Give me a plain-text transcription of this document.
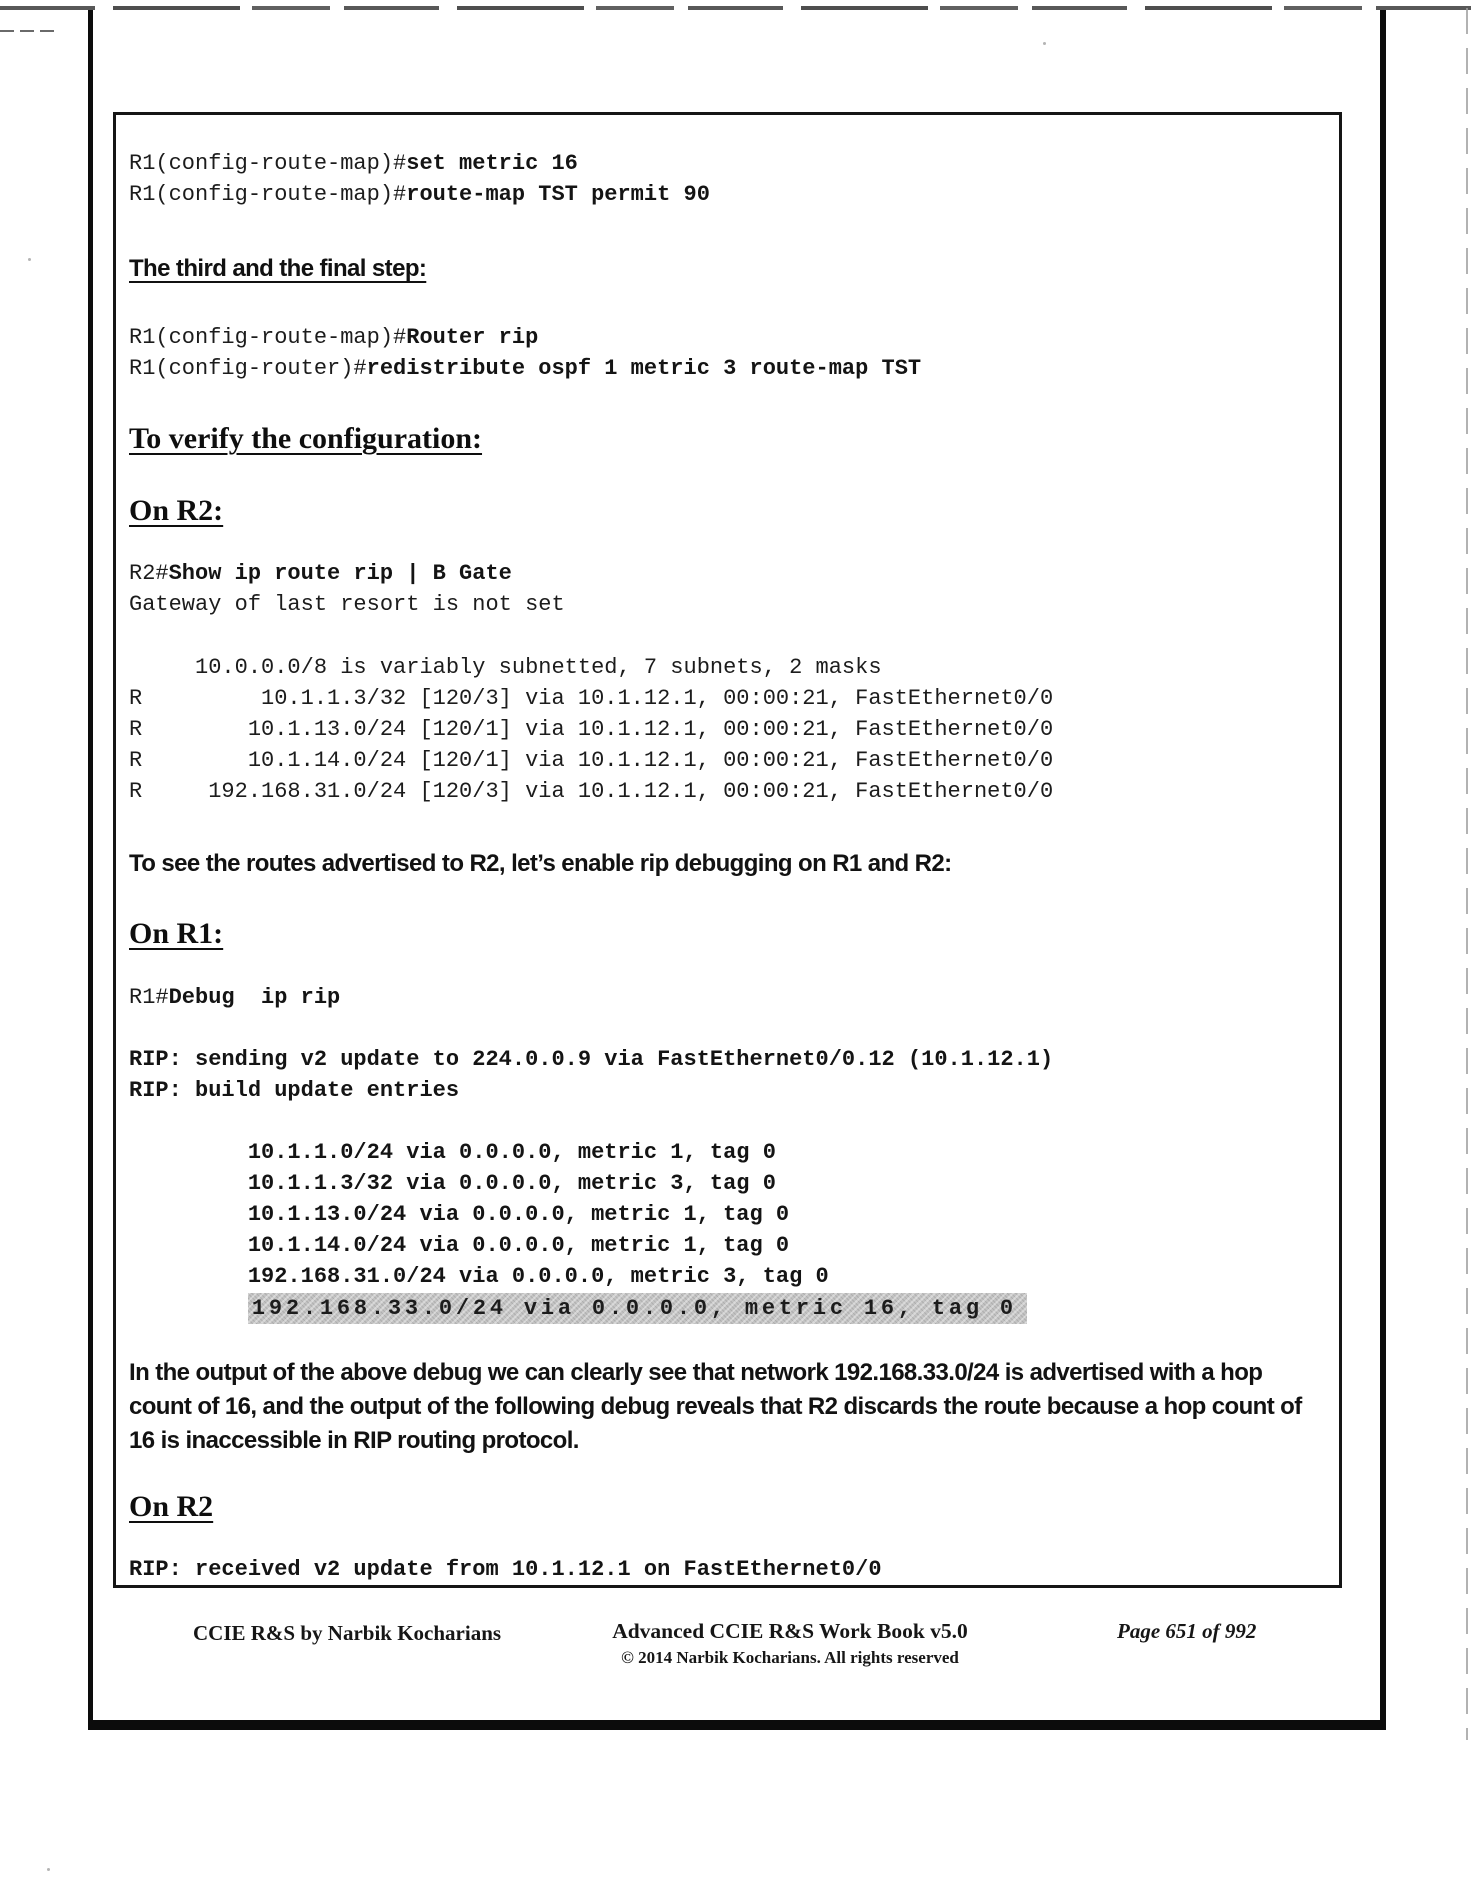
R1(config-route-map)#set metric 16
R1(config-route-map)#route-map TST permit 90
The third and the final step:
R1(config-route-map)#Router rip
R1(config-router)#redistribute ospf 1 metric 3 route-map TST
To verify the configuration:
On R2:
R2#Show ip route rip | B Gate
Gateway of last resort is not set
10.0.0.0/8 is variably subnetted, 7 subnets, 2 masks
R         10.1.1.3/32 [120/3] via 10.1.12.1, 00:00:21, FastEthernet0/0
R        10.1.13.0/24 [120/1] via 10.1.12.1, 00:00:21, FastEthernet0/0
R        10.1.14.0/24 [120/1] via 10.1.12.1, 00:00:21, FastEthernet0/0
R     192.168.31.0/24 [120/3] via 10.1.12.1, 00:00:21, FastEthernet0/0
To see the routes advertised to R2, let’s enable rip debugging on R1 and R2:
On R1:
R1#Debug  ip rip
RIP: sending v2 update to 224.0.0.9 via FastEthernet0/0.12 (10.1.12.1)
RIP: build update entries
10.1.1.0/24 via 0.0.0.0, metric 1, tag 0
10.1.1.3/32 via 0.0.0.0, metric 3, tag 0
10.1.13.0/24 via 0.0.0.0, metric 1, tag 0
10.1.14.0/24 via 0.0.0.0, metric 1, tag 0
192.168.31.0/24 via 0.0.0.0, metric 3, tag 0
192.168.33.0/24 via 0.0.0.0, metric 16, tag 0
In the output of the above debug we can clearly see that network 192.168.33.0/24 is advertised with a hop count of 16, and the output of the following debug reveals that R2 discards the route because a hop count of 16 is inaccessible in RIP routing protocol.
On R2
RIP: received v2 update from 10.1.12.1 on FastEthernet0/0
CCIE R&S by Narbik Kocharians	Advanced CCIE R&S Work Book v5.0
© 2014 Narbik Kocharians. All rights reserved
Page 651 of 992
